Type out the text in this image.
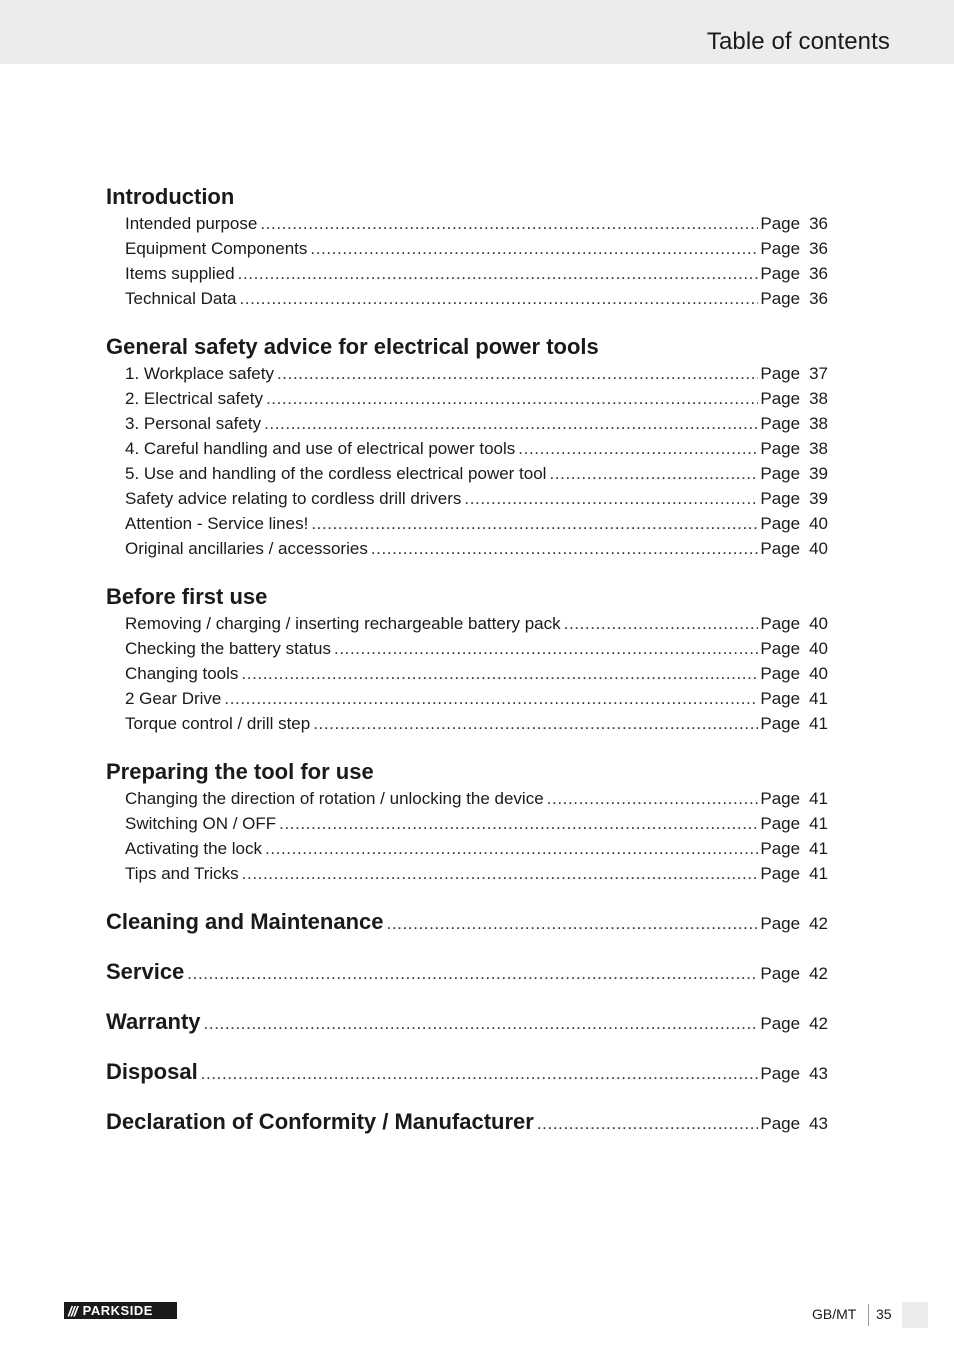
Table of contents
Introduction
Intended purpose .....	Page 36
Equipment Components .....	Page 36
Items supplied .....	Page 36
Technical Data .....	Page 36
General safety advice for electrical power tools
1. Workplace safety .....	Page 37
2. Electrical safety .....	Page 38
3. Personal safety .....	Page 38
4. Careful handling and use of electrical power tools .....	Page 38
5. Use and handling of the cordless electrical power tool .....	Page 39
Safety advice relating to cordless drill drivers .....	Page 39
Attention - Service lines! .....	Page 40
Original ancillaries / accessories .....	Page 40
Before first use
Removing / charging / inserting rechargeable battery pack .....	Page 40
Checking the battery status .....	Page 40
Changing tools .....	Page 40
2 Gear Drive .....	Page 41
Torque control / drill step .....	Page 41
Preparing the tool for use
Changing the direction of rotation / unlocking the device .....	Page 41
Switching ON / OFF .....	Page 41
Activating the lock .....	Page 41
Tips and Tricks .....	Page 41
Cleaning and Maintenance .....	Page 42
Service .....	Page 42
Warranty .....	Page 42
Disposal .....	Page 43
Declaration of Conformity / Manufacturer .....	Page 43
/// PARKSIDE	GB/MT 35
